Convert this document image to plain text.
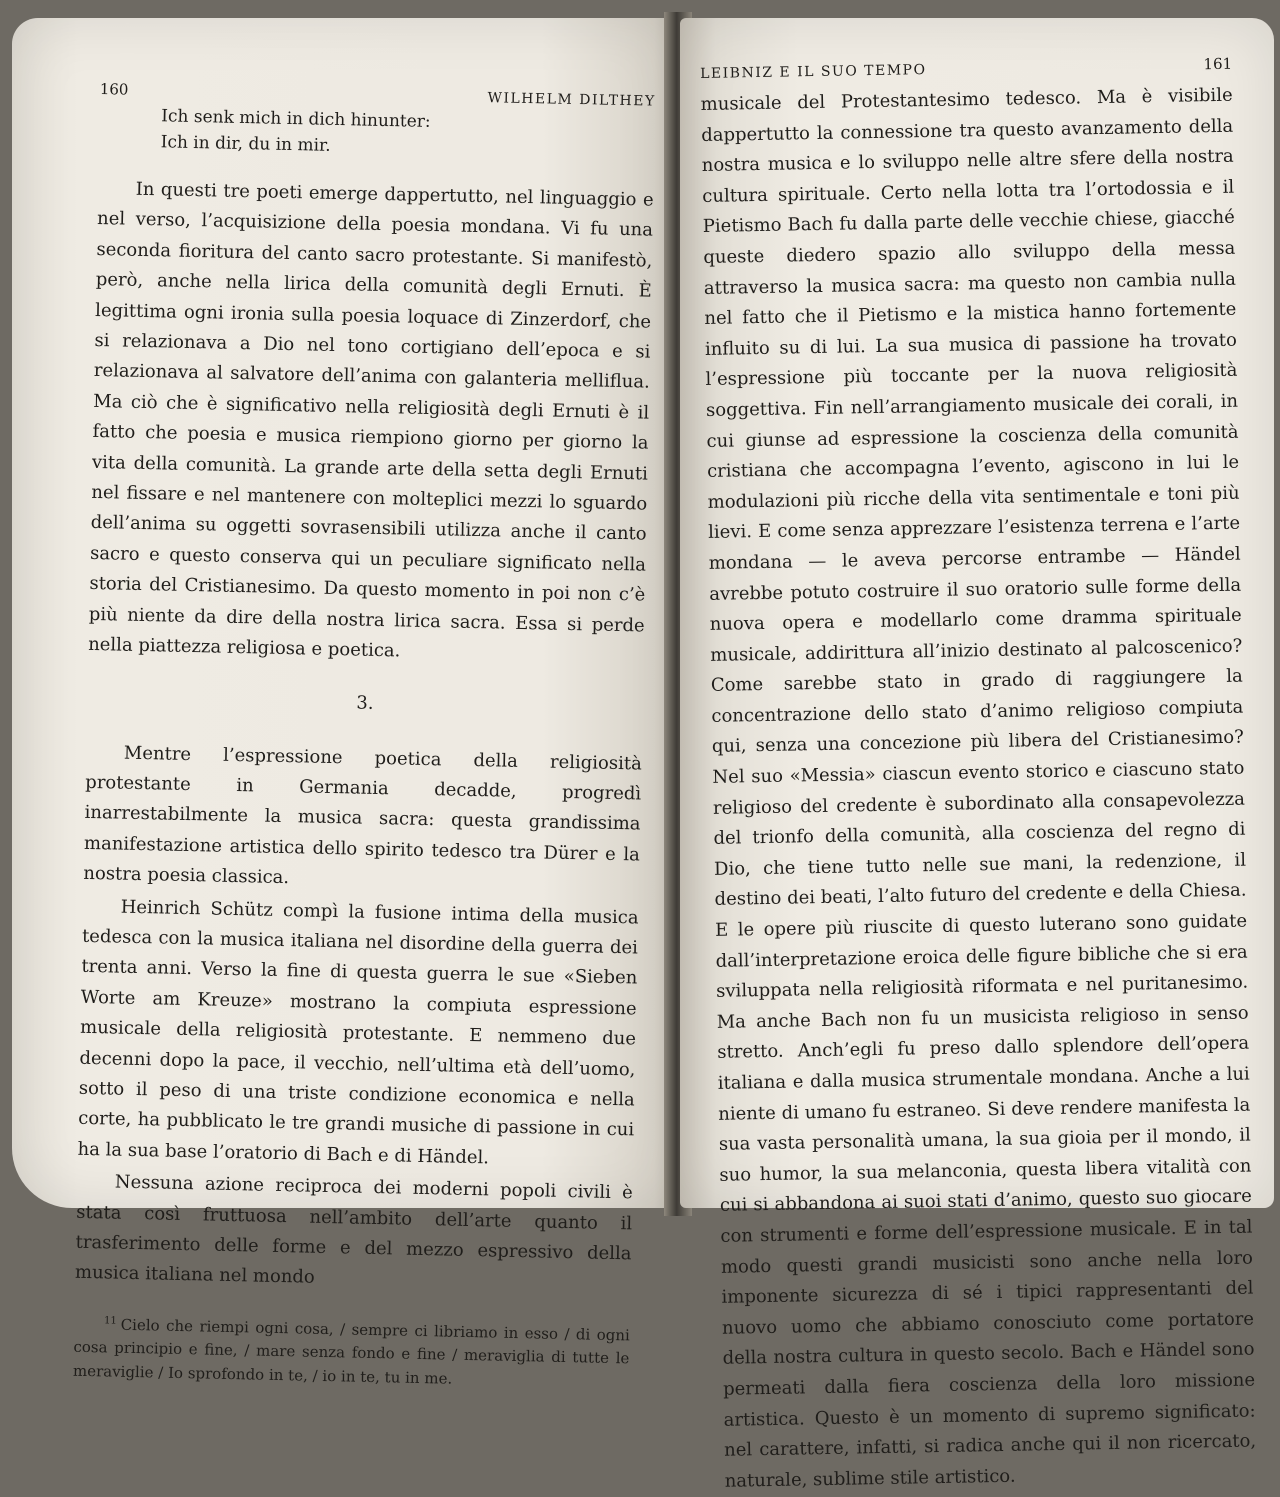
160
WILHELM DILTHEY
Ich senk mich in dich hinunter:
Ich in dir, du in mir.

In questi tre poeti emerge dappertutto, nel linguaggio e nel verso, l’acquisizione della poesia mondana. Vi fu una seconda fioritura del canto sacro protestante. Si manifestò, però, anche nella lirica della comunità degli Ernuti. È legittima ogni ironia sulla poesia loquace di Zinzerdorf, che si relazionava a Dio nel tono cortigiano dell’epoca e si relazionava al salvatore dell’anima con galanteria melliflua. Ma ciò che è significativo nella religiosità degli Ernuti è il fatto che poesia e musica riempiono giorno per giorno la vita della comunità. La grande arte della setta degli Ernuti nel fissare e nel mantenere con molteplici mezzi lo sguardo dell’anima su oggetti sovrasensibili utilizza anche il canto sacro e questo conserva qui un peculiare significato nella storia del Cristianesimo. Da questo momento in poi non c’è più niente da dire della nostra lirica sacra. Essa si perde nella piattezza religiosa e poetica.

3.

Mentre l’espressione poetica della religiosità protestante in Germania decadde, progredì inarrestabilmente la musica sacra: questa grandissima manifestazione artistica dello spirito tedesco tra Dürer e la nostra poesia classica.

Heinrich Schütz compì la fusione intima della musica tedesca con la musica italiana nel disordine della guerra dei trenta anni. Verso la fine di questa guerra le sue «Sieben Worte am Kreuze» mostrano la compiuta espressione musicale della religiosità protestante. E nemmeno due decenni dopo la pace, il vecchio, nell’ultima età dell’uomo, sotto il peso di una triste condizione economica e nella corte, ha pubblicato le tre grandi musiche di passione in cui ha la sua base l’oratorio di Bach e di Händel.

Nessuna azione reciproca dei moderni popoli civili è stata così fruttuosa nell’ambito dell’arte quanto il trasferimento delle forme e del mezzo espressivo della musica italiana nel mondo

$^{11}$ Cielo che riempi ogni cosa, / sempre ci libriamo in esso / di ogni cosa principio e fine, / mare senza fondo e fine / meraviglia di tutte le meraviglie / Io sprofondo in te, / io in te, tu in me.
LEIBNIZ E IL SUO TEMPO	161

musicale del Protestantesimo tedesco. Ma è visibile dappertutto la connessione tra questo avanzamento della nostra musica e lo sviluppo nelle altre sfere della nostra cultura spirituale. Certo nella lotta tra l’ortodossia e il Pietismo Bach fu dalla parte delle vecchie chiese, giacché queste diedero spazio allo sviluppo della messa attraverso la musica sacra: ma questo non cambia nulla nel fatto che il Pietismo e la mistica hanno fortemente influito su di lui. La sua musica di passione ha trovato l’espressione più toccante per la nuova religiosità soggettiva. Fin nell’arrangiamento musicale dei corali, in cui giunse ad espressione la coscienza della comunità cristiana che accompagna l’evento, agiscono in lui le modulazioni più ricche della vita sentimentale e toni più lievi. E come senza apprezzare l’esistenza terrena e l’arte mondana — le aveva percorse entrambe — Händel avrebbe potuto costruire il suo oratorio sulle forme della nuova opera e modellarlo come dramma spirituale musicale, addirittura all’inizio destinato al palcoscenico? Come sarebbe stato in grado di raggiungere la concentrazione dello stato d’animo religioso compiuta qui, senza una concezione più libera del Cristianesimo? Nel suo «Messia» ciascun evento storico e ciascuno stato religioso del credente è subordinato alla consapevolezza del trionfo della comunità, alla coscienza del regno di Dio, che tiene tutto nelle sue mani, la redenzione, il destino dei beati, l’alto futuro del credente e della Chiesa. E le opere più riuscite di questo luterano sono guidate dall’interpretazione eroica delle figure bibliche che si era sviluppata nella religiosità riformata e nel puritanesimo. Ma anche Bach non fu un musicista religioso in senso stretto. Anch’egli fu preso dallo splendore dell’opera italiana e dalla musica strumentale mondana. Anche a lui niente di umano fu estraneo. Si deve rendere manifesta la sua vasta personalità umana, la sua gioia per il mondo, il suo humor, la sua melanconia, questa libera vitalità con cui si abbandona ai suoi stati d’animo, questo suo giocare con strumenti e forme dell’espressione musicale. E in tal modo questi grandi musicisti sono anche nella loro imponente sicurezza di sé i tipici rappresentanti del nuovo uomo che abbiamo conosciuto come portatore della nostra cultura in questo secolo. Bach e Händel sono permeati dalla fiera coscienza della loro missione artistica. Questo è un momento di supremo significato: nel carattere, infatti, si radica anche qui il non ricercato, naturale, sublime stile artistico.
